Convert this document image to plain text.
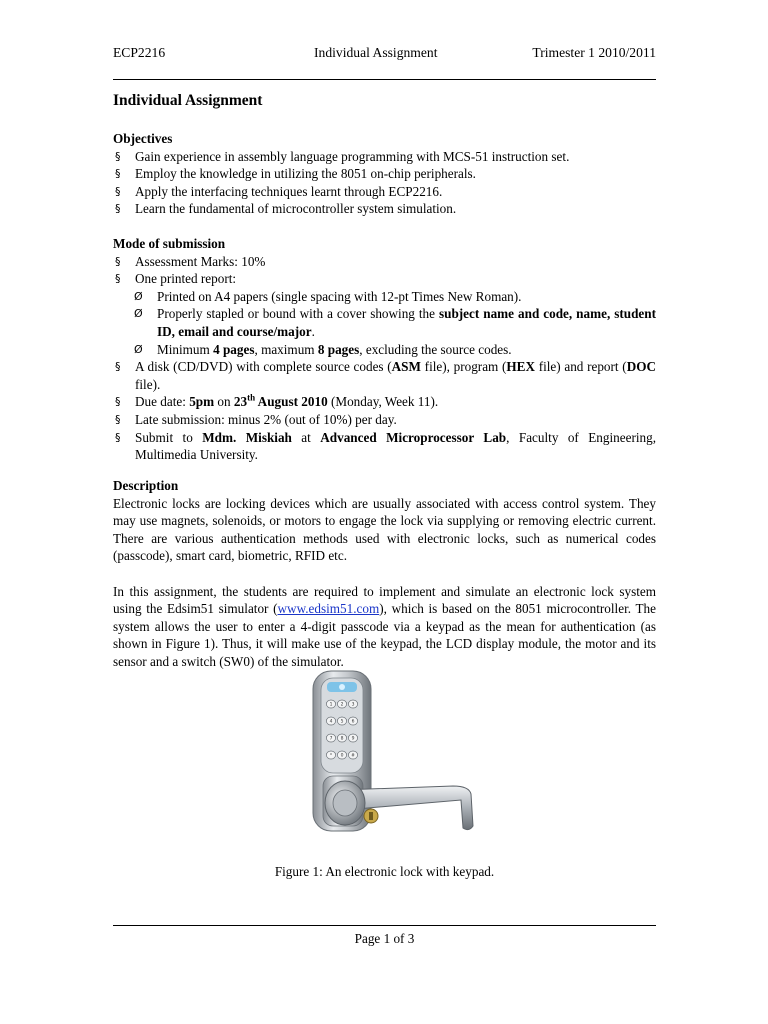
ECP2216	Individual Assignment	Trimester 1 2010/2011
Individual Assignment
Objectives
§ Gain experience in assembly language programming with MCS-51 instruction set.
§ Employ the knowledge in utilizing the 8051 on-chip peripherals.
§ Apply the interfacing techniques learnt through ECP2216.
§ Learn the fundamental of microcontroller system simulation.
Mode of submission
§ Assessment Marks: 10%
§ One printed report:
Ø Printed on A4 papers (single spacing with 12-pt Times New Roman).
Ø Properly stapled or bound with a cover showing the subject name and code, name, student ID, email and course/major.
Ø Minimum 4 pages, maximum 8 pages, excluding the source codes.
§ A disk (CD/DVD) with complete source codes (ASM file), program (HEX file) and report (DOC file).
§ Due date: 5pm on 23th August 2010 (Monday, Week 11).
§ Late submission: minus 2% (out of 10%) per day.
§ Submit to Mdm. Miskiah at Advanced Microprocessor Lab, Faculty of Engineering, Multimedia University.
Description
Electronic locks are locking devices which are usually associated with access control system. They may use magnets, solenoids, or motors to engage the lock via supplying or removing electric current. There are various authentication methods used with electronic locks, such as numerical codes (passcode), smart card, biometric, RFID etc.
In this assignment, the students are required to implement and simulate an electronic lock system using the Edsim51 simulator (www.edsim51.com), which is based on the 8051 microcontroller. The system allows the user to enter a 4-digit passcode via a keypad as the mean for authentication (as shown in Figure 1). Thus, it will make use of the keypad, the LCD display module, the motor and its sensor and a switch (SW0) of the simulator.
1 2 3
4 5 6
7 8 9
* 0 #
Figure 1: An electronic lock with keypad.
Page 1 of 3
